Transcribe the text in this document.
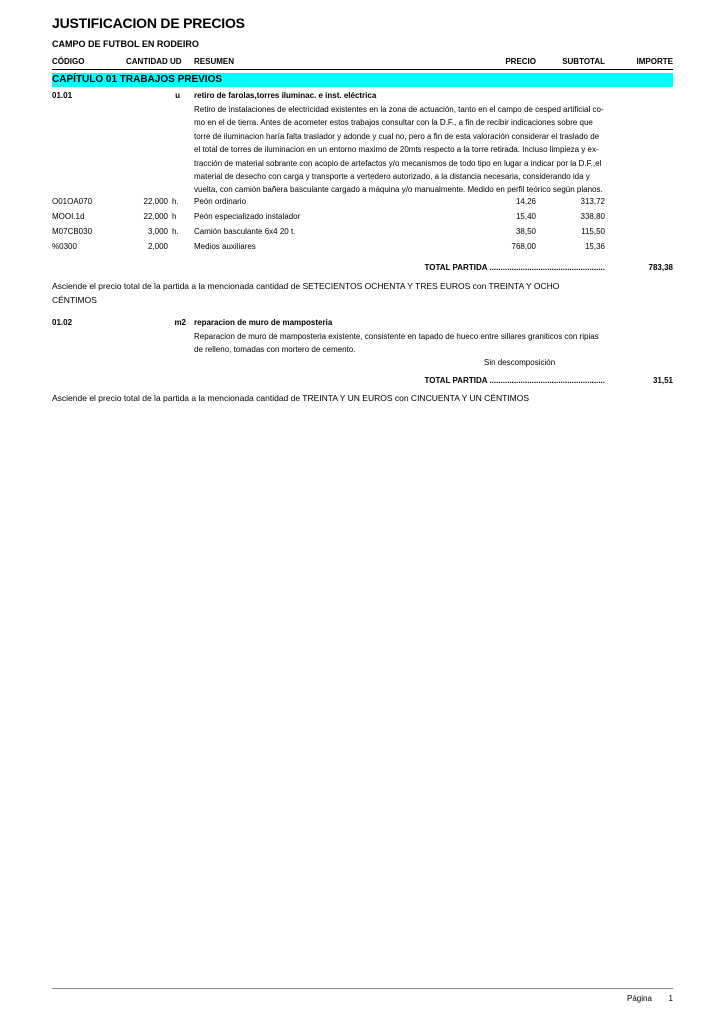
JUSTIFICACION DE PRECIOS
CAMPO DE FUTBOL EN RODEIRO
CÓDIGO	CANTIDAD UD RESUMEN	PRECIO	SUBTOTAL	IMPORTE
CAPÍTULO 01 TRABAJOS PREVIOS
01.01	u retiro de farolas,torres iluminac. e inst. eléctrica
Retiro de instalaciones de electricidad existentes en la zona de actuación, tanto en el campo de cesped artificial co-
mo en el de tierra. Antes de acometer estos trabajos consultar con la D.F., a fin de recibir indicaciones sobre que
torre de iluminacion haría falta traslador y adonde y cual no, pero a fin de esta valoración considerar el traslado de
el total de torres de iluminacion en un entorno maximo de 20mts respecto a la torre retirada. Incluso limpieza y ex-
tracción de material sobrante con acopio de artefactos y/o mecanismos de todo tipo en lugar a indicar por la D.F.,el
material de desecho con carga y transporte a vertedero autorizado, a la distancia necesaria, considerando ida y
vuelta, con camión bañera basculante cargado a máquina y/o manualmente. Medido en perfil teórico según planos.
O01OA070	22,000 h. Peón ordinario	14,26	313,72
MOOI.1d	22,000 h Peón especializado instalador	15,40	338,80
M07CB030	3,000 h. Camión basculante 6x4 20 t.	38,50	115,50
%0300	2,000	Medios auxiliares	768,00	15,36
TOTAL PARTIDA ....................................................	783,38
Asciende el precio total de la partida a la mencionada cantidad de SETECIENTOS OCHENTA Y TRES EUROS con TREINTA Y OCHO
CÉNTIMOS
01.02	m2 reparacion de muro de mamposteria
Reparacion de muro de mamposteria existente, consistente en tapado de hueco entre sillares graniticos con ripias
de relleno, tomadas con mortero de cemento.
Sin descomposición
TOTAL PARTIDA ....................................................	31,51
Asciende el precio total de la partida a la mencionada cantidad de TREINTA Y UN EUROS con CINCUENTA Y UN CÉNTIMOS
Página	1
